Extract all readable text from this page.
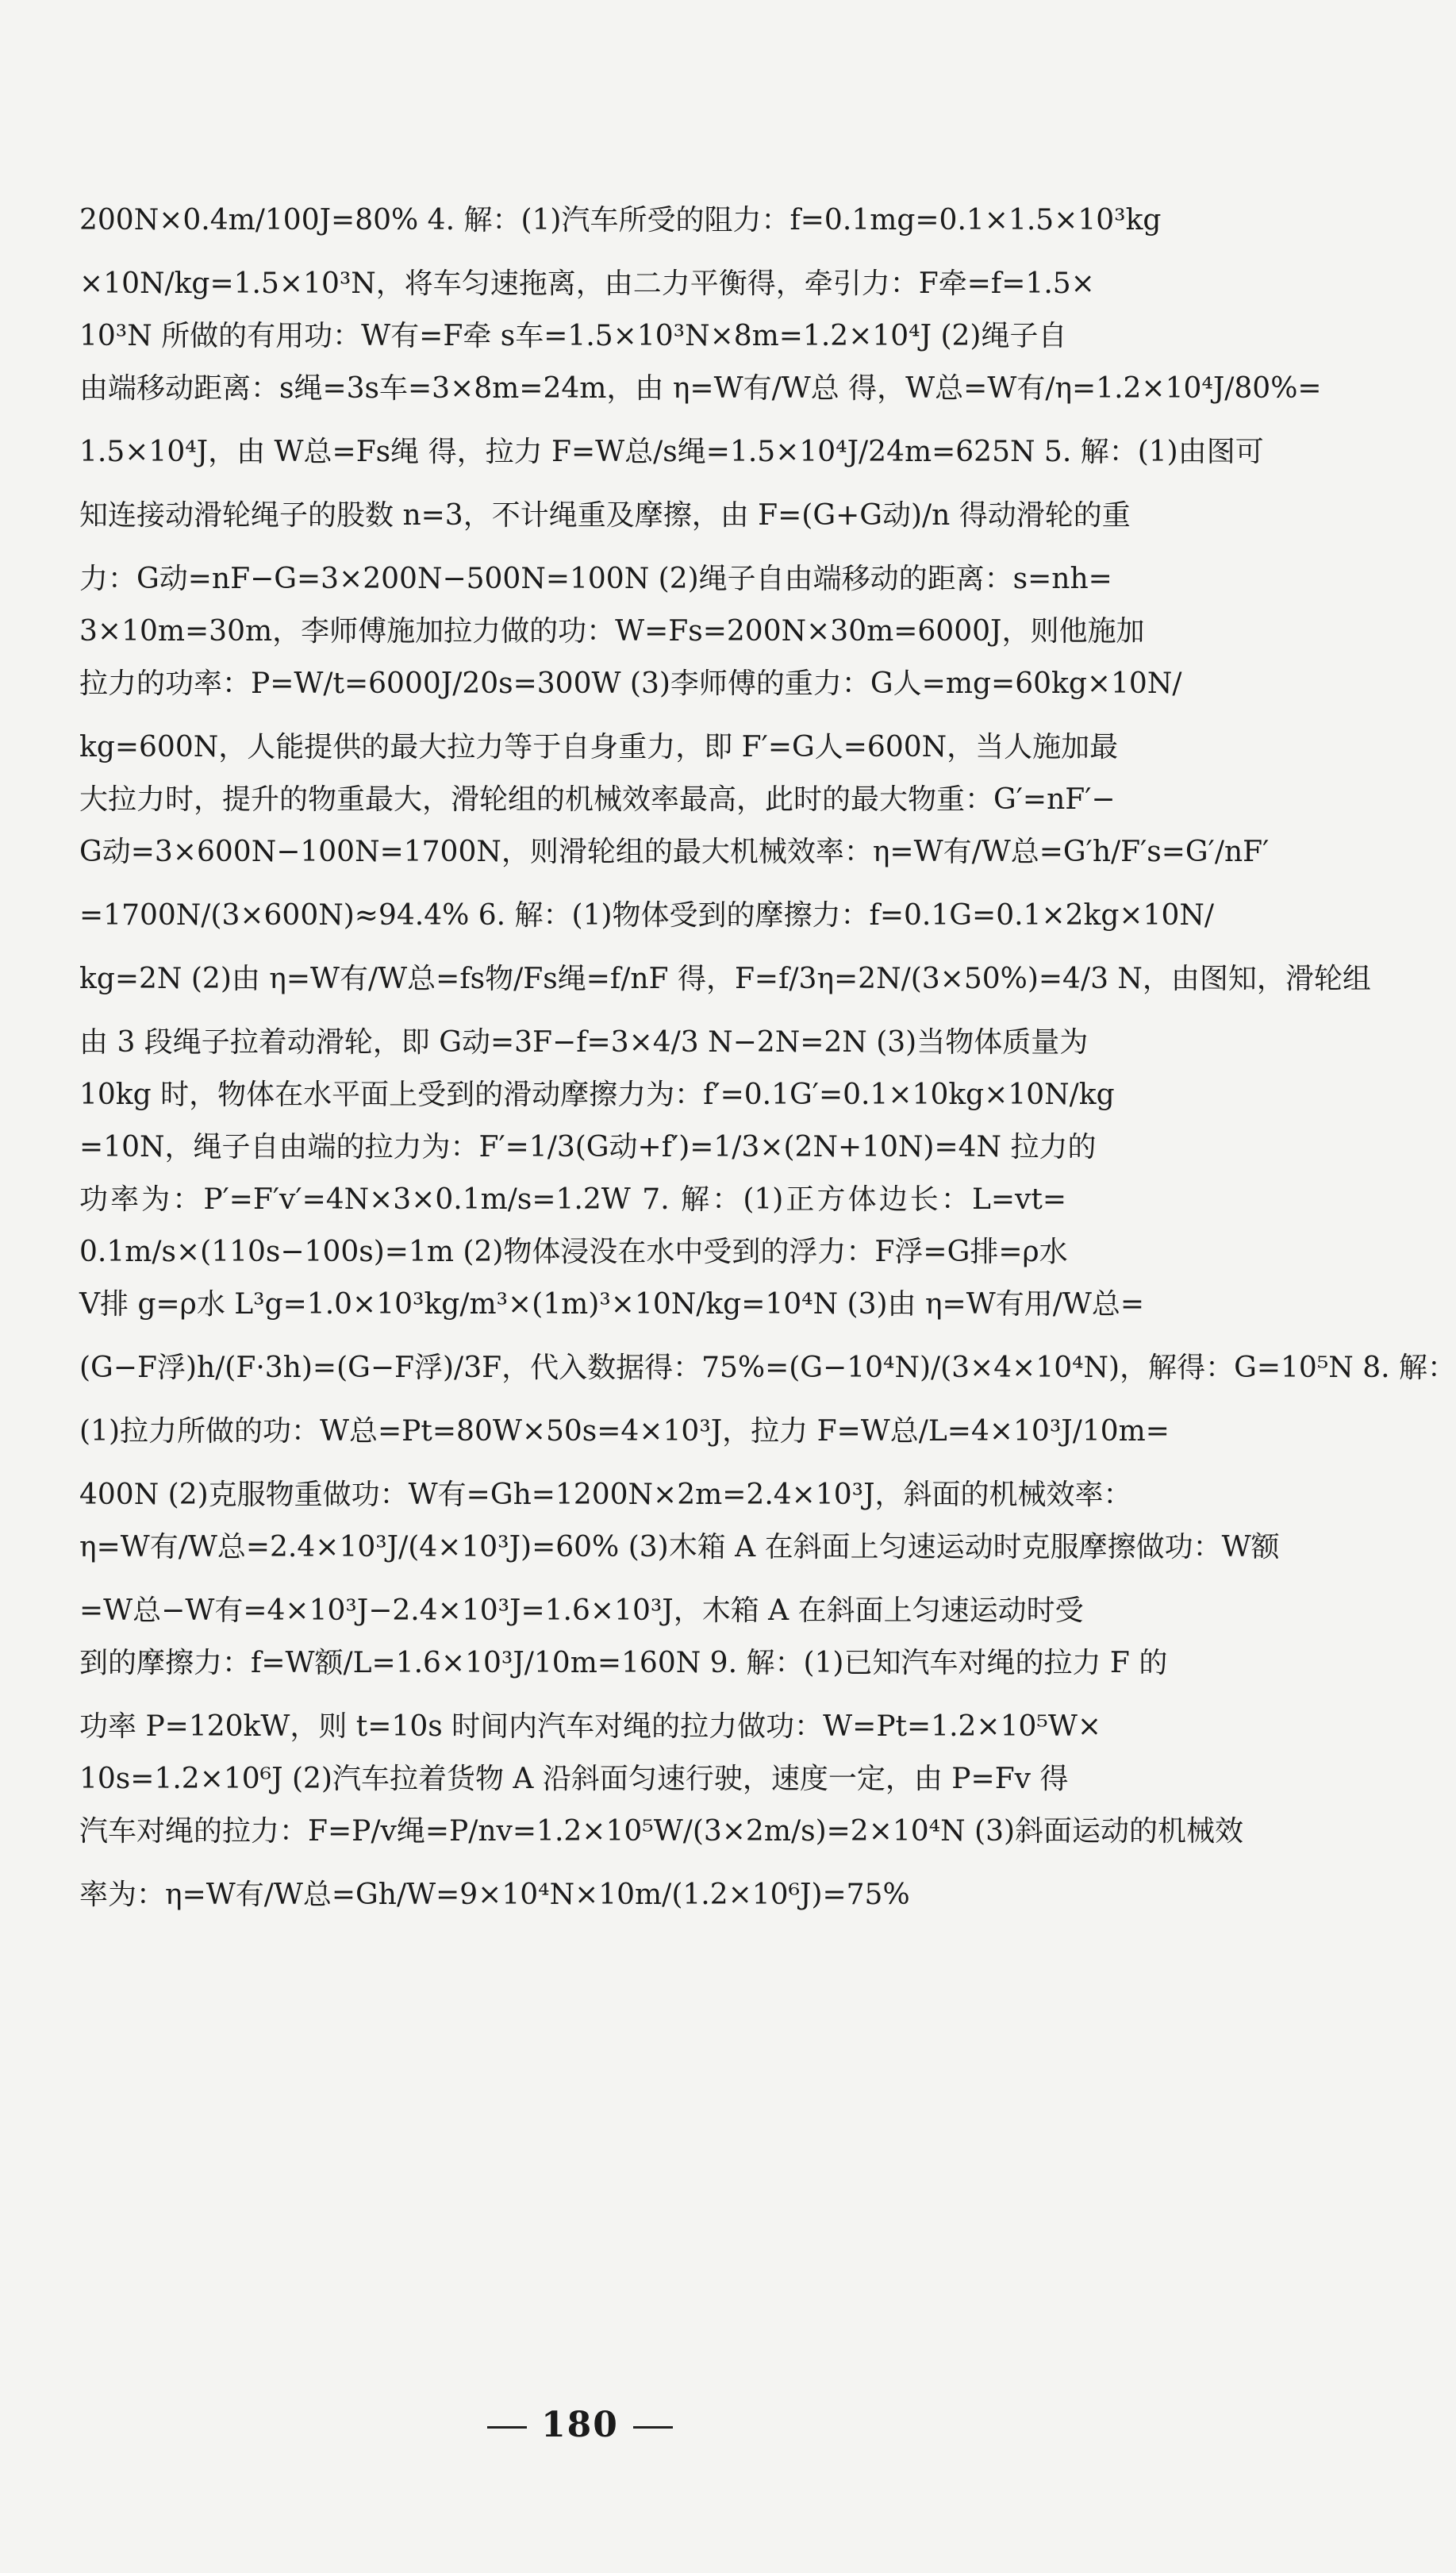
200N×0.4m/100J=80% 4. 解：(1)汽车所受的阻力：f=0.1mg=0.1×1.5×10³kg
×10N/kg=1.5×10³N，将车匀速拖离，由二力平衡得，牵引力：F牵=f=1.5×
10³N 所做的有用功：W有=F牵 s车=1.5×10³N×8m=1.2×10⁴J (2)绳子自
由端移动距离：s绳=3s车=3×8m=24m，由 η=W有/W总 得，W总=W有/η=1.2×10⁴J/80%=
1.5×10⁴J，由 W总=Fs绳 得，拉力 F=W总/s绳=1.5×10⁴J/24m=625N 5. 解：(1)由图可
知连接动滑轮绳子的股数 n=3，不计绳重及摩擦，由 F=(G+G动)/n 得动滑轮的重
力：G动=nF−G=3×200N−500N=100N (2)绳子自由端移动的距离：s=nh=
3×10m=30m，李师傅施加拉力做的功：W=Fs=200N×30m=6000J，则他施加
拉力的功率：P=W/t=6000J/20s=300W (3)李师傅的重力：G人=mg=60kg×10N/
kg=600N，人能提供的最大拉力等于自身重力，即 F′=G人=600N，当人施加最
大拉力时，提升的物重最大，滑轮组的机械效率最高，此时的最大物重：G′=nF′−
G动=3×600N−100N=1700N，则滑轮组的最大机械效率：η=W有/W总=G′h/F′s=G′/nF′
=1700N/(3×600N)≈94.4% 6. 解：(1)物体受到的摩擦力：f=0.1G=0.1×2kg×10N/
kg=2N (2)由 η=W有/W总=fs物/Fs绳=f/nF 得，F=f/3η=2N/(3×50%)=4/3 N，由图知，滑轮组
由 3 段绳子拉着动滑轮，即 G动=3F−f=3×4/3 N−2N=2N (3)当物体质量为
10kg 时，物体在水平面上受到的滑动摩擦力为：f′=0.1G′=0.1×10kg×10N/kg
=10N，绳子自由端的拉力为：F′=1/3(G动+f′)=1/3×(2N+10N)=4N 拉力的
功率为：P′=F′v′=4N×3×0.1m/s=1.2W 7. 解：(1)正方体边长：L=vt=
0.1m/s×(110s−100s)=1m (2)物体浸没在水中受到的浮力：F浮=G排=ρ水
V排 g=ρ水 L³g=1.0×10³kg/m³×(1m)³×10N/kg=10⁴N (3)由 η=W有用/W总=
(G−F浮)h/(F·3h)=(G−F浮)/3F，代入数据得：75%=(G−10⁴N)/(3×4×10⁴N)，解得：G=10⁵N 8. 解：
(1)拉力所做的功：W总=Pt=80W×50s=4×10³J，拉力 F=W总/L=4×10³J/10m=
400N (2)克服物重做功：W有=Gh=1200N×2m=2.4×10³J，斜面的机械效率：
η=W有/W总=2.4×10³J/(4×10³J)=60% (3)木箱 A 在斜面上匀速运动时克服摩擦做功：W额
=W总−W有=4×10³J−2.4×10³J=1.6×10³J，木箱 A 在斜面上匀速运动时受
到的摩擦力：f=W额/L=1.6×10³J/10m=160N 9. 解：(1)已知汽车对绳的拉力 F 的
功率 P=120kW，则 t=10s 时间内汽车对绳的拉力做功：W=Pt=1.2×10⁵W×
10s=1.2×10⁶J (2)汽车拉着货物 A 沿斜面匀速行驶，速度一定，由 P=Fv 得
汽车对绳的拉力：F=P/v绳=P/nv=1.2×10⁵W/(3×2m/s)=2×10⁴N (3)斜面运动的机械效
率为：η=W有/W总=Gh/W=9×10⁴N×10m/(1.2×10⁶J)=75%
180
